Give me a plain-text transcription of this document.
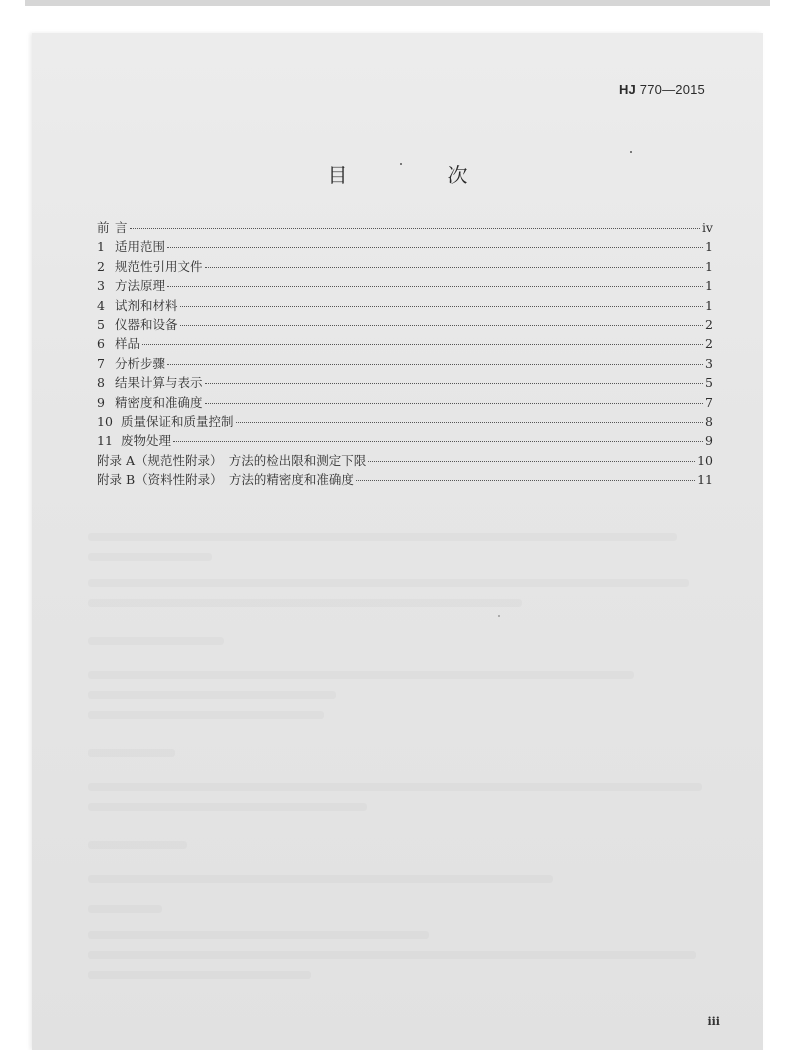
HJ 770—2015
目　次
前 言	iv
1 适用范围	1
2 规范性引用文件	1
3 方法原理	1
4 试剂和材料	1
5 仪器和设备	2
6 样品	2
7 分析步骤	3
8 结果计算与表示	5
9 精密度和准确度	7
10 质量保证和质量控制	8
11 废物处理	9
附录 A（规范性附录）　方法的检出限和测定下限	10
附录 B（资料性附录）　方法的精密度和准确度	11
iii
